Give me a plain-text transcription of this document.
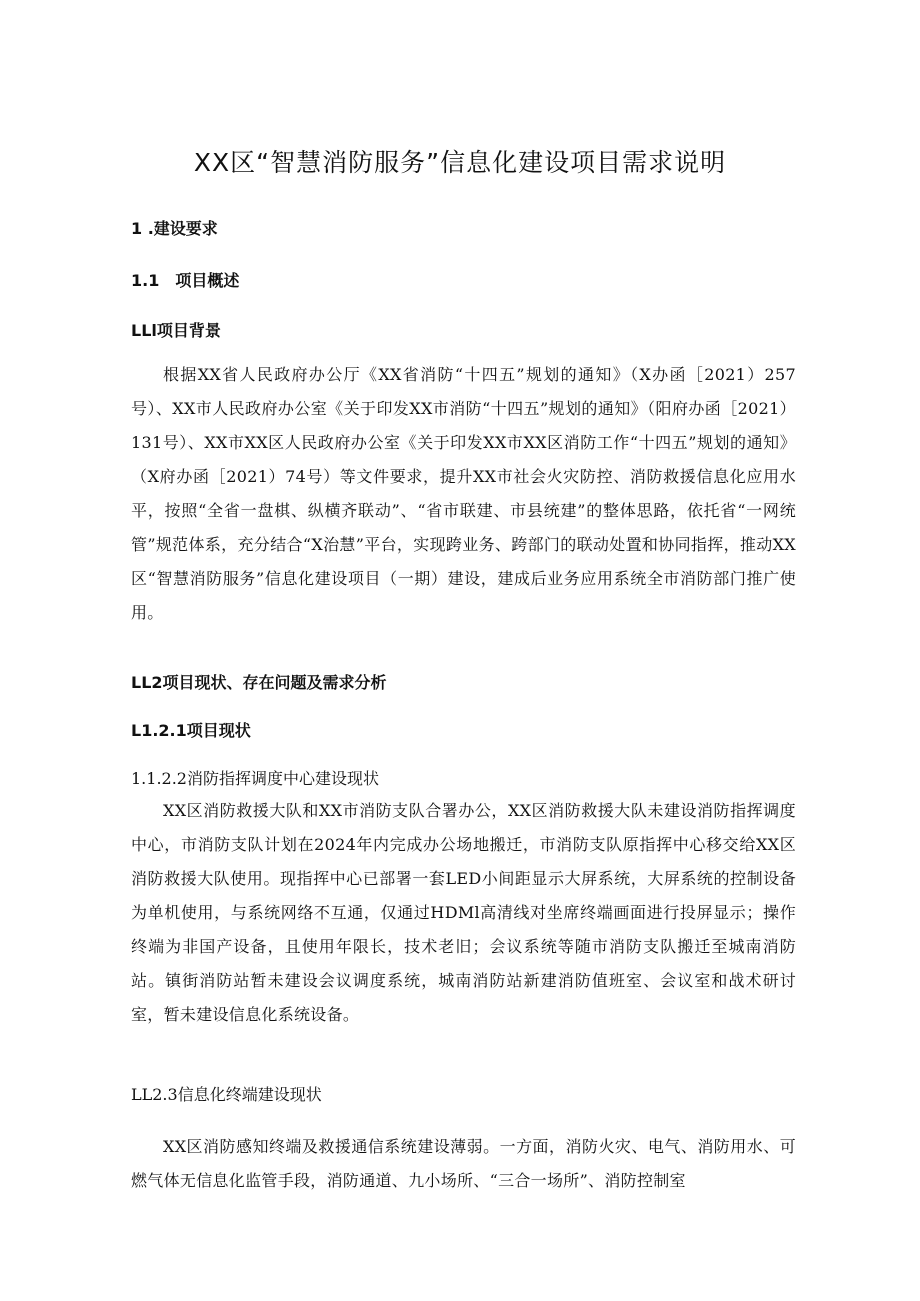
XX区“智慧消防服务”信息化建设项目需求说明
1 .建设要求
1.1　项目概述
LLl项目背景
根据XX省人民政府办公厅《XX省消防“十四五”规划的通知》（X办函［2021）257号）、XX市人民政府办公室《关于印发XX市消防“十四五”规划的通知》（阳府办函［2021）131号）、XX市XX区人民政府办公室《关于印发XX市XX区消防工作“十四五”规划的通知》（X府办函［2021）74号）等文件要求，提升XX市社会火灾防控、消防救援信息化应用水平，按照“全省一盘棋、纵横齐联动”、“省市联建、市县统建”的整体思路，依托省“一网统管”规范体系，充分结合“X治慧”平台，实现跨业务、跨部门的联动处置和协同指挥，推动XX区“智慧消防服务”信息化建设项目（一期）建设，建成后业务应用系统全市消防部门推广使用。
LL2项目现状、存在问题及需求分析
L1.2.1项目现状
1.1.2.2消防指挥调度中心建设现状
XX区消防救援大队和XX市消防支队合署办公，XX区消防救援大队未建设消防指挥调度中心，市消防支队计划在2024年内完成办公场地搬迁，市消防支队原指挥中心移交给XX区消防救援大队使用。现指挥中心已部署一套LED小间距显示大屏系统，大屏系统的控制设备为单机使用，与系统网络不互通，仅通过HDMl高清线对坐席终端画面进行投屏显示；操作终端为非国产设备，且使用年限长，技术老旧；会议系统等随市消防支队搬迁至城南消防站。镇街消防站暂未建设会议调度系统，城南消防站新建消防值班室、会议室和战术研讨室，暂未建设信息化系统设备。
LL2.3信息化终端建设现状
XX区消防感知终端及救援通信系统建设薄弱。一方面，消防火灾、电气、消防用水、可燃气体无信息化监管手段，消防通道、九小场所、“三合一场所”、消防控制室
